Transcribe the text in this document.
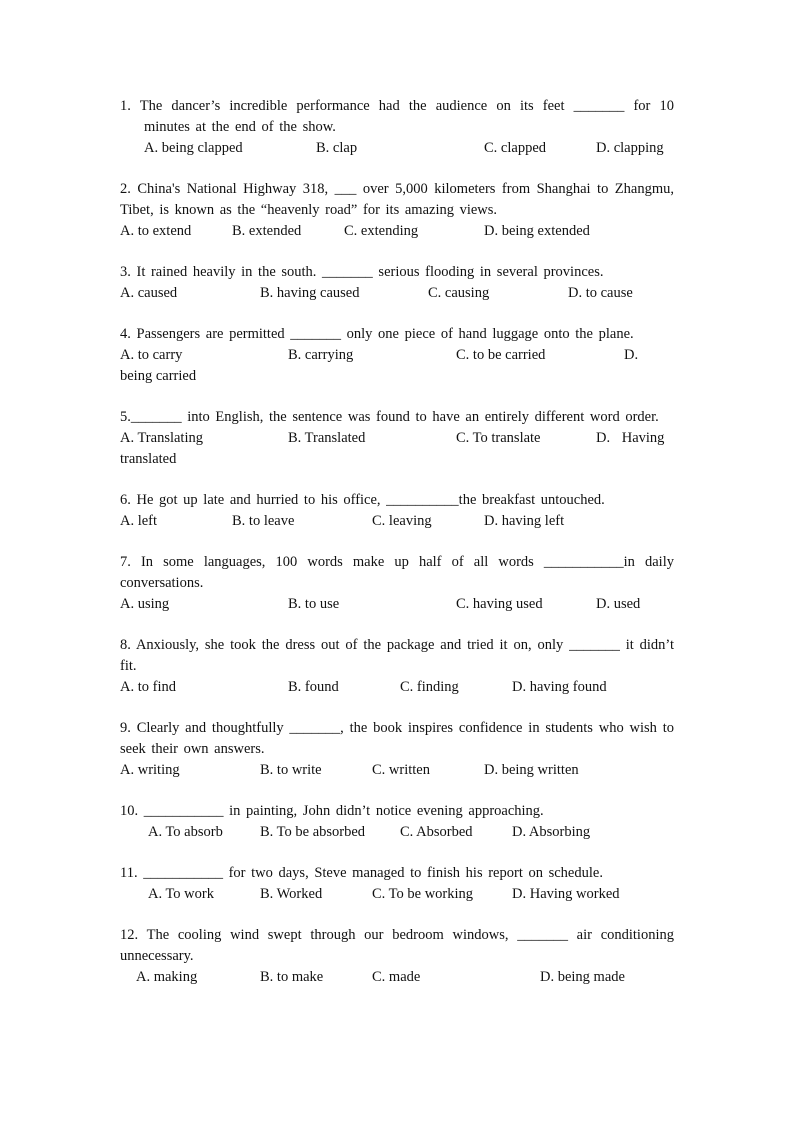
1. The dancer’s incredible performance had the audience on its feet _______ for 10 minutes at the end of the show.
A. being clapped	B. clap	C. clapped	D. clapping
2. China's National Highway 318, ___ over 5,000 kilometers from Shanghai to Zhangmu, Tibet, is known as the “heavenly road” for its amazing views.
A. to extend	B. extended	C. extending	D. being extended
3. It rained heavily in the south. _______ serious flooding in several provinces.
A. caused	B. having caused	C. causing	D. to cause
4. Passengers are permitted _______ only one piece of hand luggage onto the plane.
A. to carry	B. carrying	C. to be carried	D.
being carried
5._______ into English, the sentence was found to have an entirely different word order.
A. Translating	B. Translated	C. To translate	D. Having
translated
6. He got up late and hurried to his office, __________the breakfast untouched.
A. left	B. to leave	C. leaving	D. having left
7. In some languages, 100 words make up half of all words ___________in daily conversations.
A. using	B. to use	C. having used	D. used
8. Anxiously, she took the dress out of the package and tried it on, only _______ it didn’t fit.
A. to find	B. found	C. finding	D. having found
9. Clearly and thoughtfully _______, the book inspires confidence in students who wish to seek their own answers.
A. writing	B. to write	C. written	D. being written
10. ___________ in painting, John didn’t notice evening approaching.
A. To absorb	B. To be absorbed C. Absorbed	D. Absorbing
11. ___________ for two days, Steve managed to finish his report on schedule.
A. To work	B. Worked	C. To be working	D. Having worked
12. The cooling wind swept through our bedroom windows, _______ air conditioning unnecessary.
A. making	B. to make	C. made	D. being made
